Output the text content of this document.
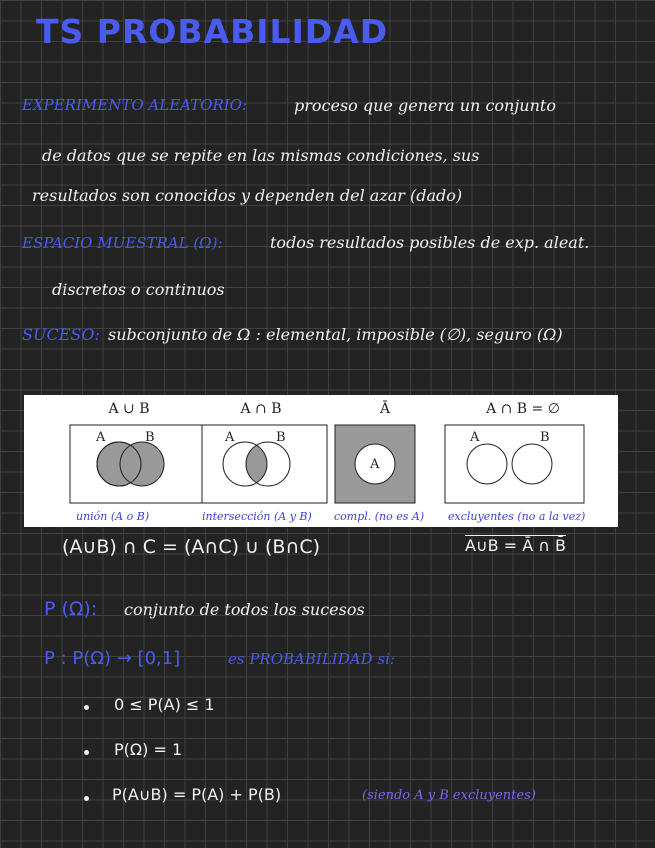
TS PROBABILIDAD
EXPERIMENTO ALEATORIO:	proceso que genera un conjunto
de datos que se repite en las mismas condiciones, sus
resultados son conocidos y dependen del azar (dado)
ESPACIO MUESTRAL (Ω):	todos resultados posibles de exp. aleat.
discretos o continuos
SUCESO: subconjunto de Ω : elemental, imposible (∅), seguro (Ω)
A ∪ B	A ∩ B	Ā	A ∩ B = ∅
A	B	A	B
A
A	B
unión (A o B)	intersección (A y B) compl. (no es A) excluyentes (no a la vez)
(A∪B) ∩ C = (A∩C) ∪ (B∩C)	A∪B = Ā ∩ B̄
P (Ω): conjunto de todos los sucesos
P : P(Ω) → [0,1]	es PROBABILIDAD si:
0 ≤ P(A) ≤ 1
P(Ω) = 1
P(A∪B) = P(A) + P(B)	(siendo A y B excluyentes)
